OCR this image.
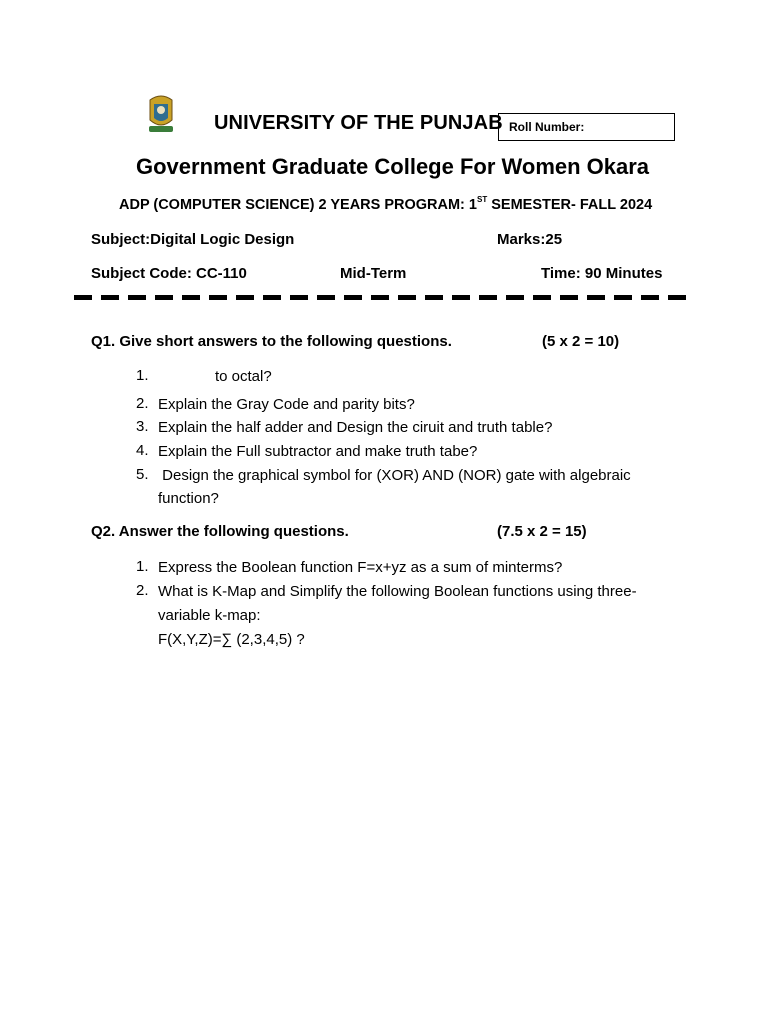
UNIVERSITY OF THE PUNJAB Roll Number:
Government Graduate College For Women Okara
ADP (COMPUTER SCIENCE) 2 YEARS PROGRAM: 1ST SEMESTER- FALL 2024
Subject:Digital Logic Design	Marks:25
Subject Code: CC-110	Mid-Term	Time: 90 Minutes
Q1. Give short answers to the following questions.	(5 x 2 = 10)
1.	to octal?
2. Explain the Gray Code and parity bits?
3. Explain the half adder and Design the ciruit and truth table?
4. Explain the Full subtractor and make truth tabe?
5. Design the graphical symbol for (XOR) AND (NOR) gate with algebraic
function?
Q2. Answer the following questions.	(7.5 x 2 = 15)
1. Express the Boolean function F=x+yz as a sum of minterms?
2. What is K-Map and Simplify the following Boolean functions using three-
variable k-map:
F(X,Y,Z)=∑ (2,3,4,5) ?
